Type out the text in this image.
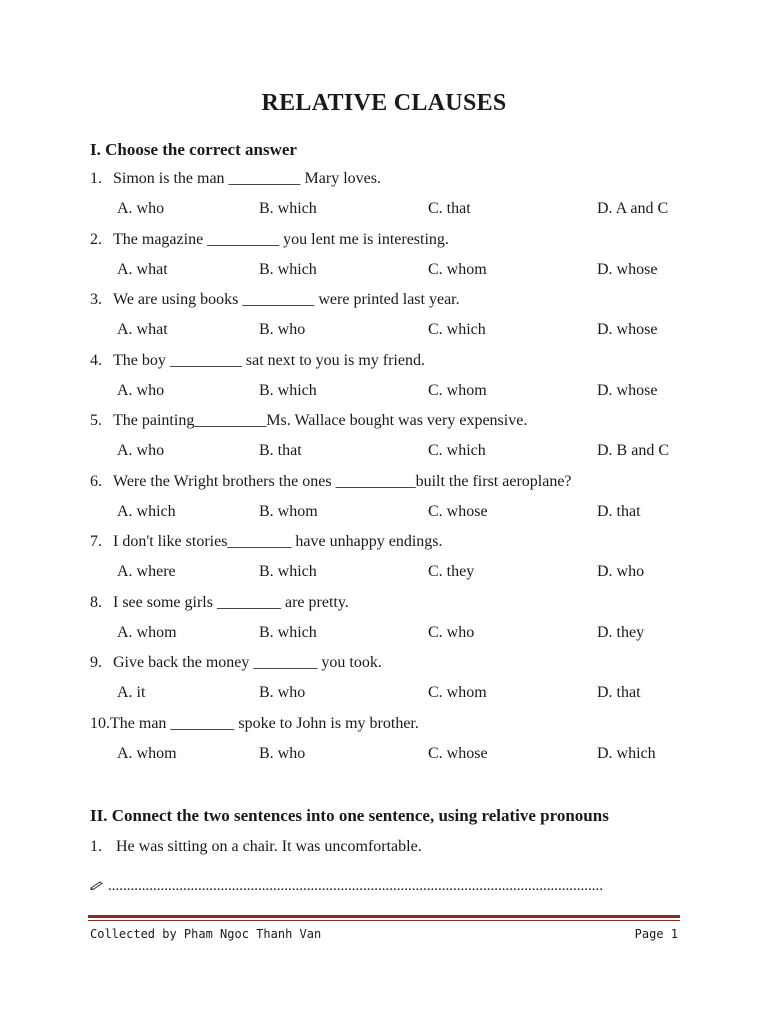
RELATIVE CLAUSES
I. Choose the correct answer
1. Simon is the man _________ Mary loves.
A. who	B. which	C. that	D. A and C
2. The magazine _________ you lent me is interesting.
A. what	B. which	C. whom	D. whose
3. We are using books _________ were printed last year.
A. what	B. who	C. which	D. whose
4. The boy _________ sat next to you is my friend.
A. who	B. which	C. whom	D. whose
5. The painting_________Ms. Wallace bought was very expensive.
A. who	B. that	C. which	D. B and C
6. Were the Wright brothers the ones __________built the first aeroplane?
A. which	B. whom	C. whose	D. that
7. I don't like stories________ have unhappy endings.
A. where	B. which	C. they	D. who
8. I see some girls ________ are pretty.
A. whom	B. which	C. who	D. they
9. Give back the money ________ you took.
A. it	B. who	C. whom	D. that
10.The man ________ spoke to John is my brother.
A. whom	B. who	C. whose	D. which
II. Connect the two sentences into one sentence, using relative pronouns
1. He was sitting on a chair. It was uncomfortable.
....................................................................................................................................
Collected by Pham Ngoc Thanh Van	Page 1
